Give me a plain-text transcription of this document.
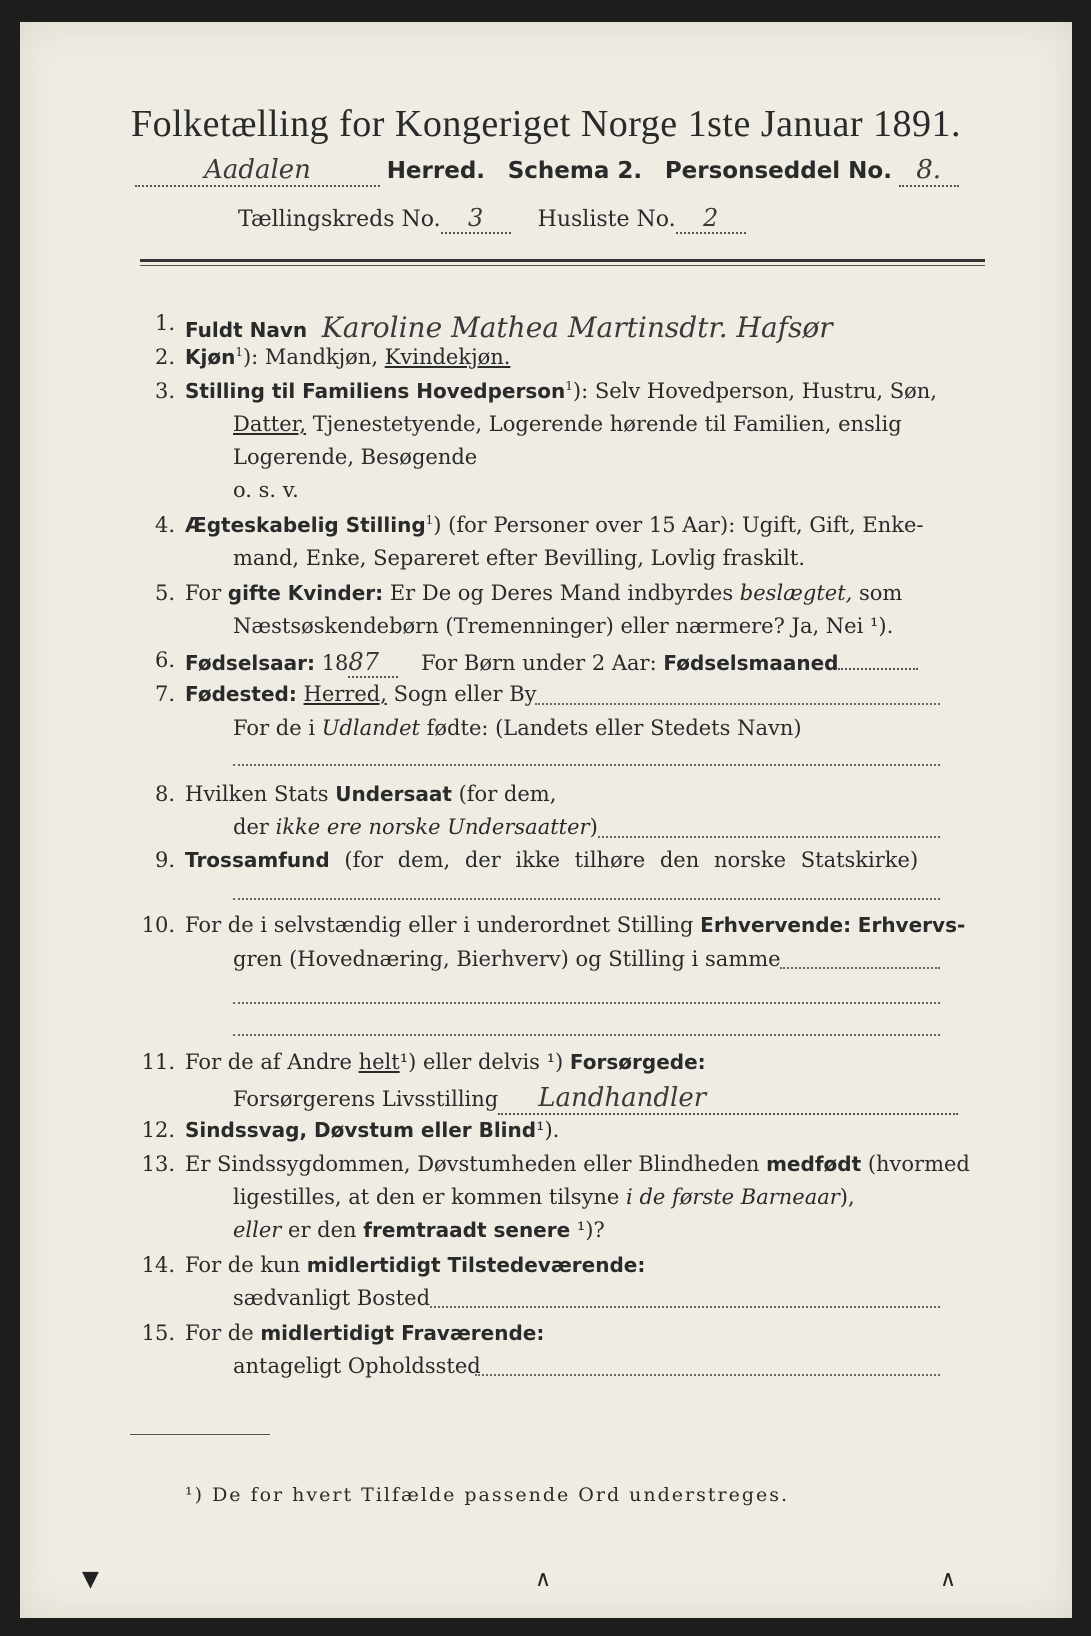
Folketælling for Kongeriget Norge 1ste Januar 1891.
Aadalen	Herred. Schema 2. Personseddel No. 8.
Tællingskreds No. 3 Husliste No. 2
1. Fuldt Navn Karoline Mathea Martinsdtr. Hafsør
2. Kjøn$^1$): Mandkjøn, Kvindekjøn.
3. Stilling til Familiens Hovedperson$^1$): Selv Hovedperson, Hustru, Søn,
Datter, Tjenestetyende, Logerende hørende til Familien, enslig
Logerende, Besøgende
o. s. v.
4. Ægteskabelig Stilling$^1$) (for Personer over 15 Aar): Ugift, Gift, Enke-
mand, Enke, Separeret efter Bevilling, Lovlig fraskilt.
5. For gifte Kvinder: Er De og Deres Mand indbyrdes beslægtet, som
Næstsøskendebørn (Tremenninger) eller nærmere? Ja, Nei ¹).
6. Fødselsaar: 1887 For Børn under 2 Aar: Fødselsmaaned
7. Fødested: Herred, Sogn eller By
For de i Udlandet fødte: (Landets eller Stedets Navn)
8. Hvilken Stats Undersaat (for dem,
der ikke ere norske Undersaatter)
9. Trossamfund (for dem, der ikke tilhøre den norske Statskirke)
10. For de i selvstændig eller i underordnet Stilling Erhvervende: Erhvervs-
gren (Hovednæring, Bierhverv) og Stilling i samme
11. For de af Andre helt¹) eller delvis ¹) Forsørgede:
Forsørgerens Livsstilling Landhandler
12. Sindssvag, Døvstum eller Blind¹).
13. Er Sindssygdommen, Døvstumheden eller Blindheden medfødt (hvormed
ligestilles, at den er kommen tilsyne i de første Barneaar),
eller er den fremtraadt senere ¹)?
14. For de kun midlertidigt Tilstedeværende:
sædvanligt Bosted
15. For de midlertidigt Fraværende:
antageligt Opholdssted
¹) De for hvert Tilfælde passende Ord understreges.
▼	∧	∧
